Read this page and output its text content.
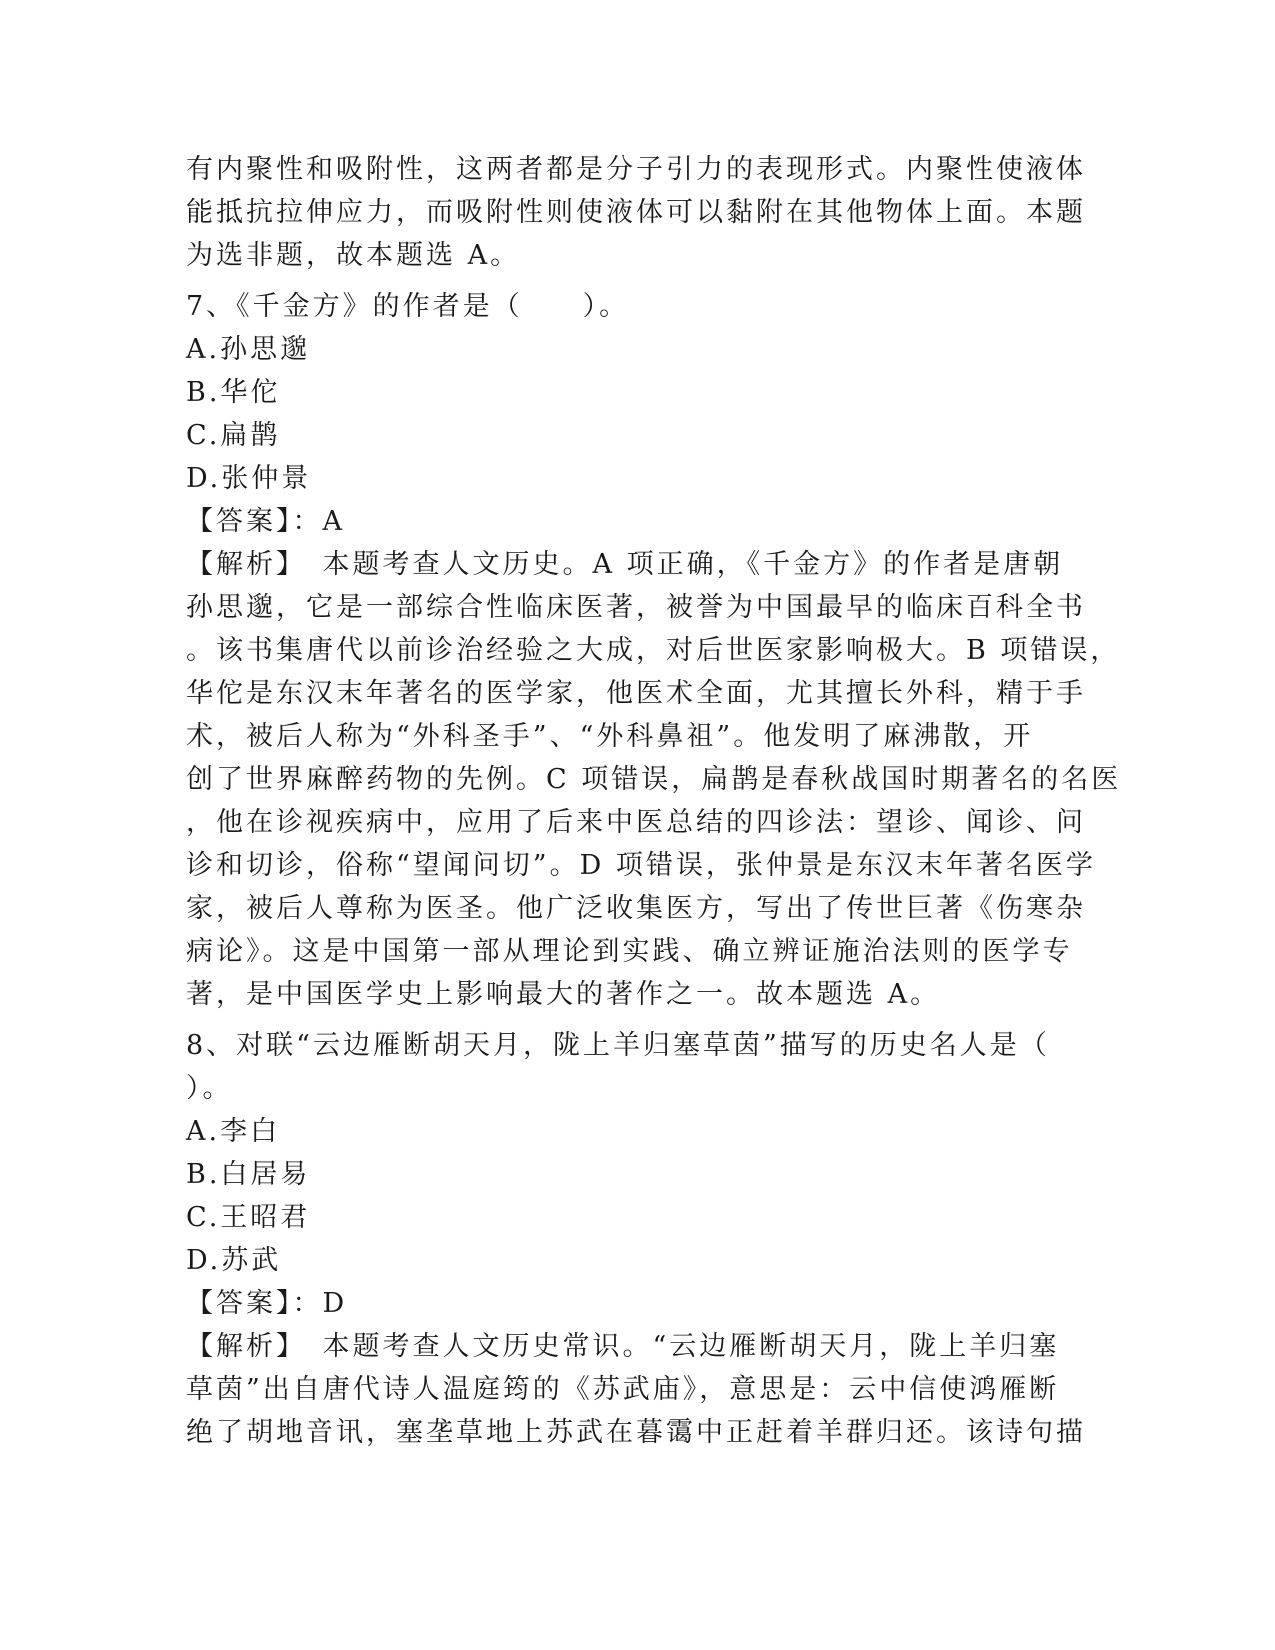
有内聚性和吸附性，这两者都是分子引力的表现形式。内聚性使液体
能抵抗拉伸应力，而吸附性则使液体可以黏附在其他物体上面。本题
为选非题，故本题选 A。
7、《千金方》的作者是（　　）。
A.孙思邈
B.华佗
C.扁鹊
D.张仲景
【答案】：A
【解析】　本题考查人文历史。A 项正确，《千金方》的作者是唐朝
孙思邈，它是一部综合性临床医著，被誉为中国最早的临床百科全书
。该书集唐代以前诊治经验之大成，对后世医家影响极大。B 项错误，
华佗是东汉末年著名的医学家，他医术全面，尤其擅长外科，精于手
术，被后人称为“外科圣手”、“外科鼻祖”。他发明了麻沸散，开
创了世界麻醉药物的先例。C 项错误，扁鹊是春秋战国时期著名的名医
，他在诊视疾病中，应用了后来中医总结的四诊法：望诊、闻诊、问
诊和切诊，俗称“望闻问切”。D 项错误，张仲景是东汉末年著名医学
家，被后人尊称为医圣。他广泛收集医方，写出了传世巨著《伤寒杂
病论》。这是中国第一部从理论到实践、确立辨证施治法则的医学专
著，是中国医学史上影响最大的著作之一。故本题选 A。
8、对联“云边雁断胡天月，陇上羊归塞草茵”描写的历史名人是（
）。
A.李白
B.白居易
C.王昭君
D.苏武
【答案】：D
【解析】　本题考查人文历史常识。“云边雁断胡天月，陇上羊归塞
草茵”出自唐代诗人温庭筠的《苏武庙》，意思是：云中信使鸿雁断
绝了胡地音讯，塞垄草地上苏武在暮霭中正赶着羊群归还。该诗句描
